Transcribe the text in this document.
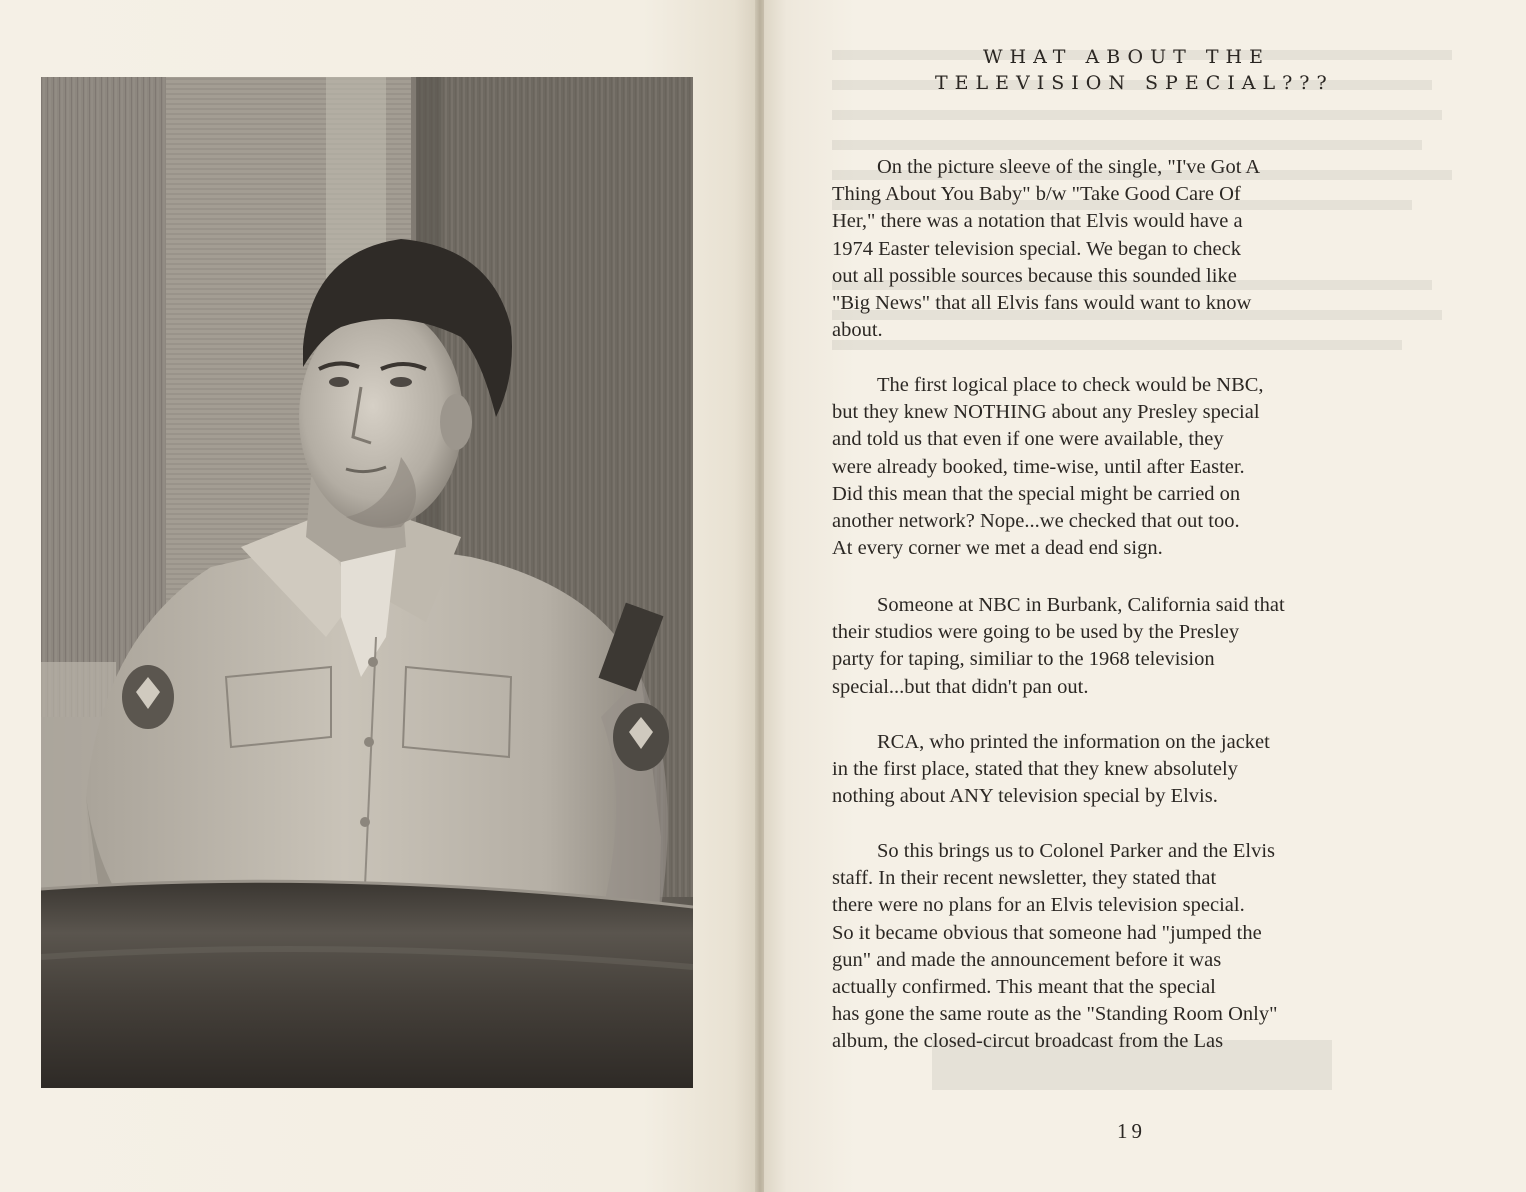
WHAT ABOUT THE
TELEVISION SPECIAL???

On the picture sleeve of the single, "I've Got A
Thing About You Baby" b/w "Take Good Care Of
Her," there was a notation that Elvis would have a
1974 Easter television special. We began to check
out all possible sources because this sounded like
"Big News" that all Elvis fans would want to know
about.

The first logical place to check would be NBC,
but they knew NOTHING about any Presley special
and told us that even if one were available, they
were already booked, time-wise, until after Easter.
Did this mean that the special might be carried on
another network? Nope...we checked that out too.
At every corner we met a dead end sign.

Someone at NBC in Burbank, California said that
their studios were going to be used by the Presley
party for taping, similiar to the 1968 television
special...but that didn't pan out.

RCA, who printed the information on the jacket
in the first place, stated that they knew absolutely
nothing about ANY television special by Elvis.

So this brings us to Colonel Parker and the Elvis
staff. In their recent newsletter, they stated that
there were no plans for an Elvis television special.
So it became obvious that someone had "jumped the
gun" and made the announcement before it was
actually confirmed. This meant that the special
has gone the same route as the "Standing Room Only"
album, the closed-circut broadcast from the Las

19
